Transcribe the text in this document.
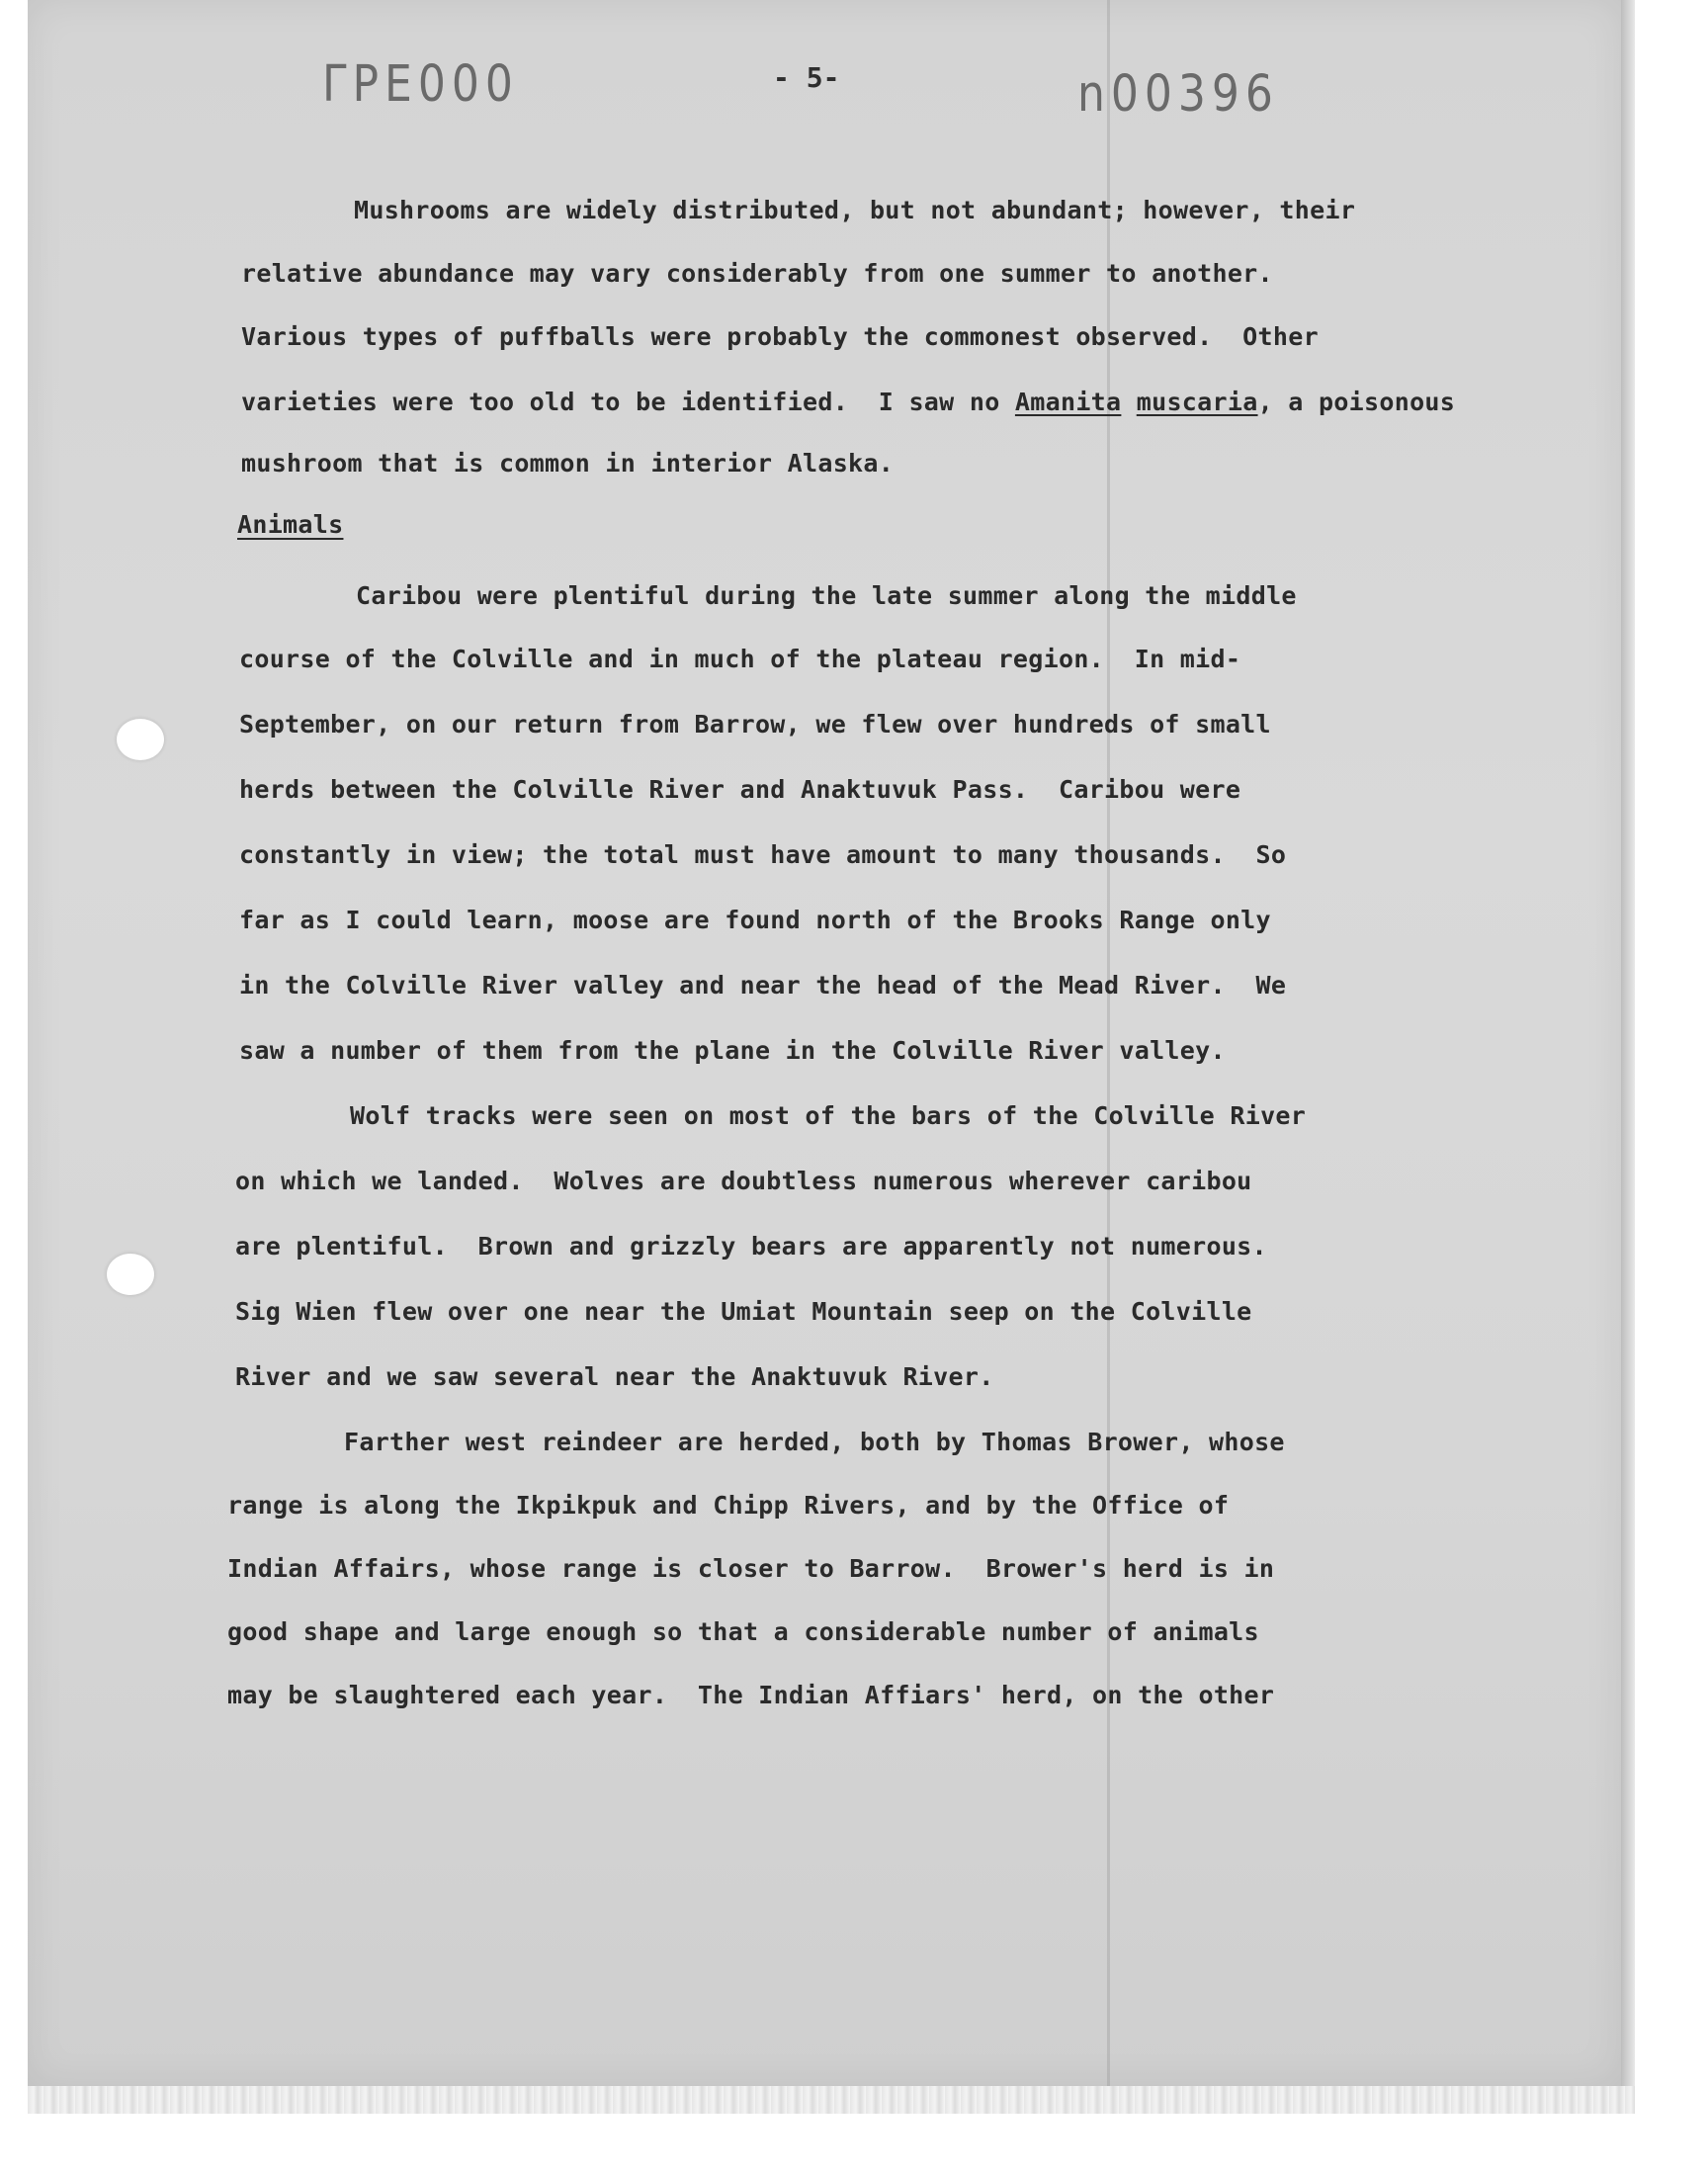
ΓΡΕ000	- 5-	n00396
Mushrooms are widely distributed, but not abundant; however, their
relative abundance may vary considerably from one summer to another.
Various types of puffballs were probably the commonest observed.  Other
varieties were too old to be identified.  I saw no Amanita muscaria, a poisonous
mushroom that is common in interior Alaska.
Animals
Caribou were plentiful during the late summer along the middle
course of the Colville and in much of the plateau region.  In mid-
September, on our return from Barrow, we flew over hundreds of small
herds between the Colville River and Anaktuvuk Pass.  Caribou were
constantly in view; the total must have amount to many thousands.  So
far as I could learn, moose are found north of the Brooks Range only
in the Colville River valley and near the head of the Mead River.  We
saw a number of them from the plane in the Colville River valley.
Wolf tracks were seen on most of the bars of the Colville River
on which we landed.  Wolves are doubtless numerous wherever caribou
are plentiful.  Brown and grizzly bears are apparently not numerous.
Sig Wien flew over one near the Umiat Mountain seep on the Colville
River and we saw several near the Anaktuvuk River.
Farther west reindeer are herded, both by Thomas Brower, whose
range is along the Ikpikpuk and Chipp Rivers, and by the Office of
Indian Affairs, whose range is closer to Barrow.  Brower's herd is in
good shape and large enough so that a considerable number of animals
may be slaughtered each year.  The Indian Affiars' herd, on the other
